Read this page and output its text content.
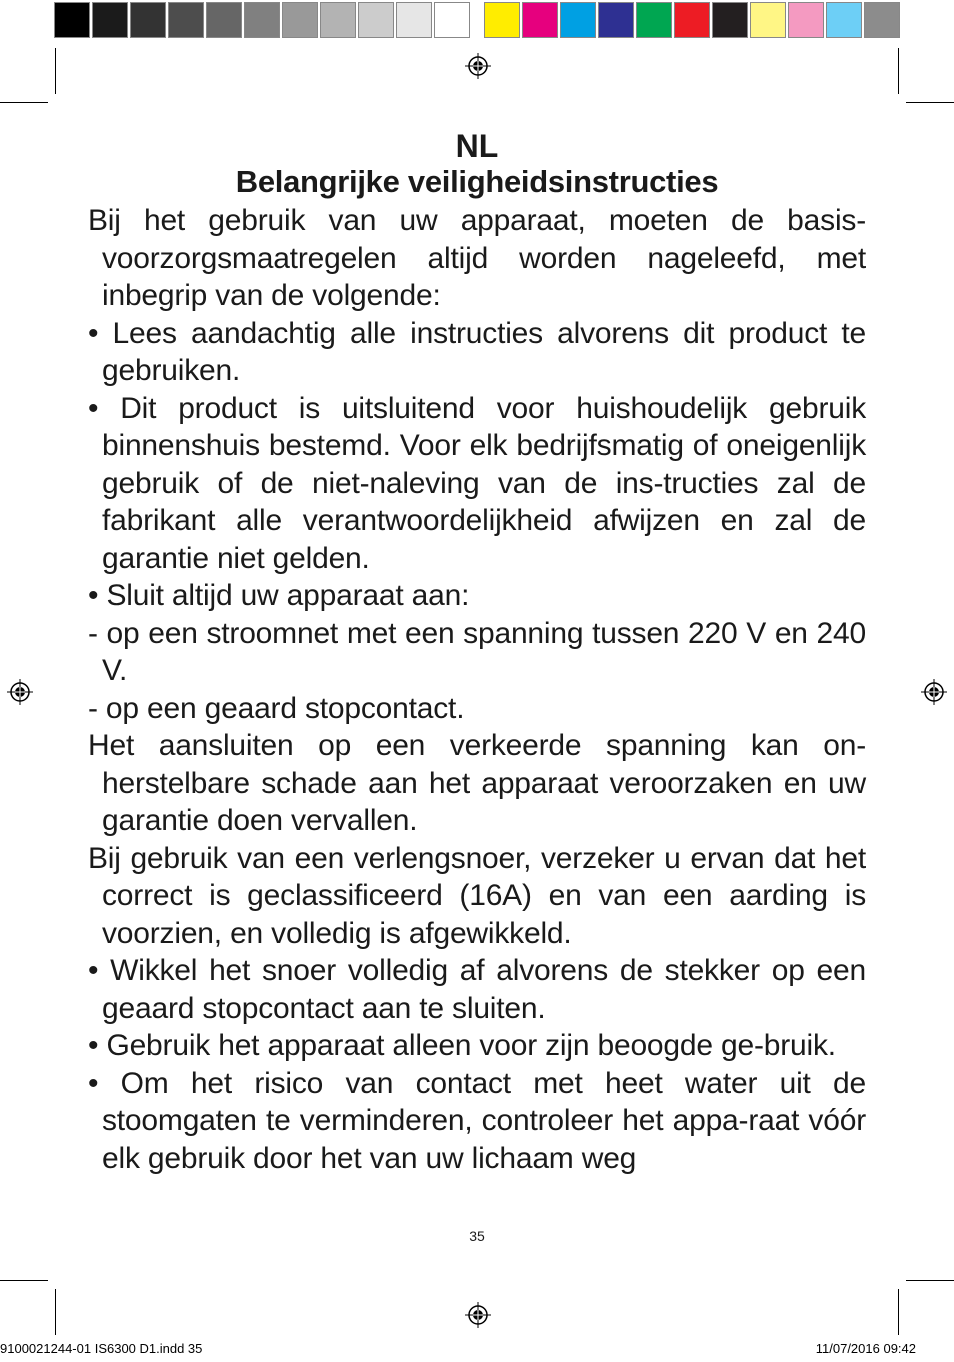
NL
Belangrijke veiligheidsinstructies

Bij het gebruik van uw apparaat, moeten de basis-voorzorgsmaatregelen altijd worden nageleefd, met inbegrip van de volgende:

• Lees aandachtig alle instructies alvorens dit product te gebruiken.

• Dit product is uitsluitend voor huishoudelijk gebruik binnenshuis bestemd. Voor elk bedrijfsmatig of oneigenlijk gebruik of de niet-naleving van de ins-tructies zal de fabrikant alle verantwoordelijkheid afwijzen en zal de garantie niet gelden.

• Sluit altijd uw apparaat aan:

- op een stroomnet met een spanning tussen 220 V en 240 V.

- op een geaard stopcontact.

Het aansluiten op een verkeerde spanning kan on-herstelbare schade aan het apparaat veroorzaken en uw garantie doen vervallen.

Bij gebruik van een verlengsnoer, verzeker u ervan dat het correct is geclassificeerd (16A) en van een aarding is voorzien, en volledig is afgewikkeld.

• Wikkel het snoer volledig af alvorens de stekker op een geaard stopcontact aan te sluiten.

• Gebruik het apparaat alleen voor zijn beoogde ge-bruik.

• Om het risico van contact met heet water uit de stoomgaten te verminderen, controleer het appa-raat vóór elk gebruik door het van uw lichaam weg

35
9100021244-01 IS6300 D1.indd 35	11/07/2016 09:42
